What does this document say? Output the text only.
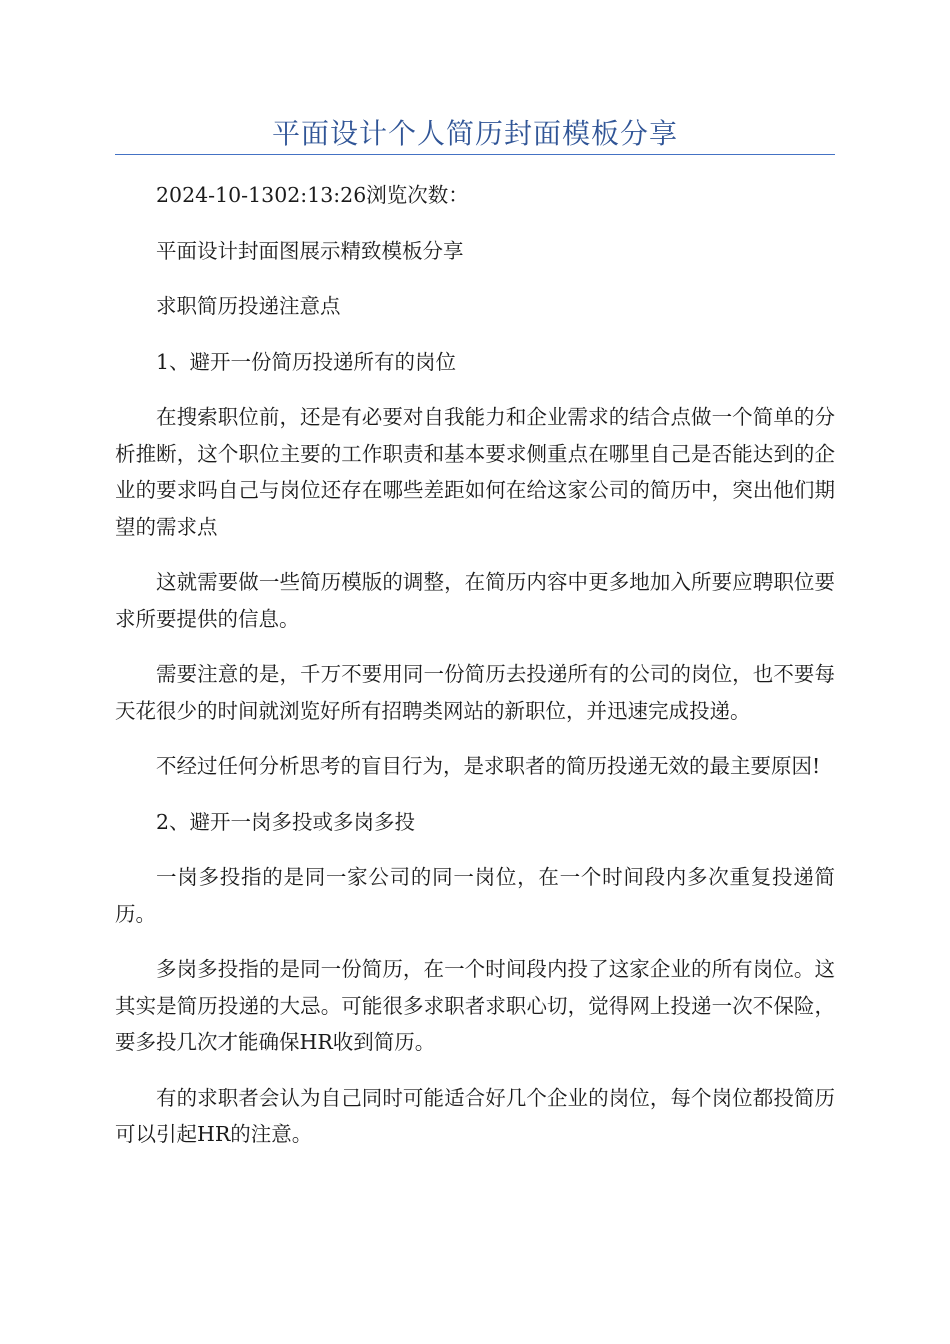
平面设计个人简历封面模板分享

2024-10-1302:13:26浏览次数：

平面设计封面图展示精致模板分享

求职简历投递注意点

1、避开一份简历投递所有的岗位

在搜索职位前，还是有必要对自我能力和企业需求的结合点做一个简单的分析推断，这个职位主要的工作职责和基本要求侧重点在哪里自己是否能达到的企业的要求吗自己与岗位还存在哪些差距如何在给这家公司的简历中，突出他们期望的需求点

这就需要做一些简历模版的调整，在简历内容中更多地加入所要应聘职位要求所要提供的信息。

需要注意的是，千万不要用同一份简历去投递所有的公司的岗位，也不要每天花很少的时间就浏览好所有招聘类网站的新职位，并迅速完成投递。

不经过任何分析思考的盲目行为，是求职者的简历投递无效的最主要原因!

2、避开一岗多投或多岗多投

一岗多投指的是同一家公司的同一岗位，在一个时间段内多次重复投递简历。

多岗多投指的是同一份简历，在一个时间段内投了这家企业的所有岗位。这其实是简历投递的大忌。可能很多求职者求职心切，觉得网上投递一次不保险，要多投几次才能确保HR收到简历。

有的求职者会认为自己同时可能适合好几个企业的岗位，每个岗位都投简历可以引起HR的注意。
